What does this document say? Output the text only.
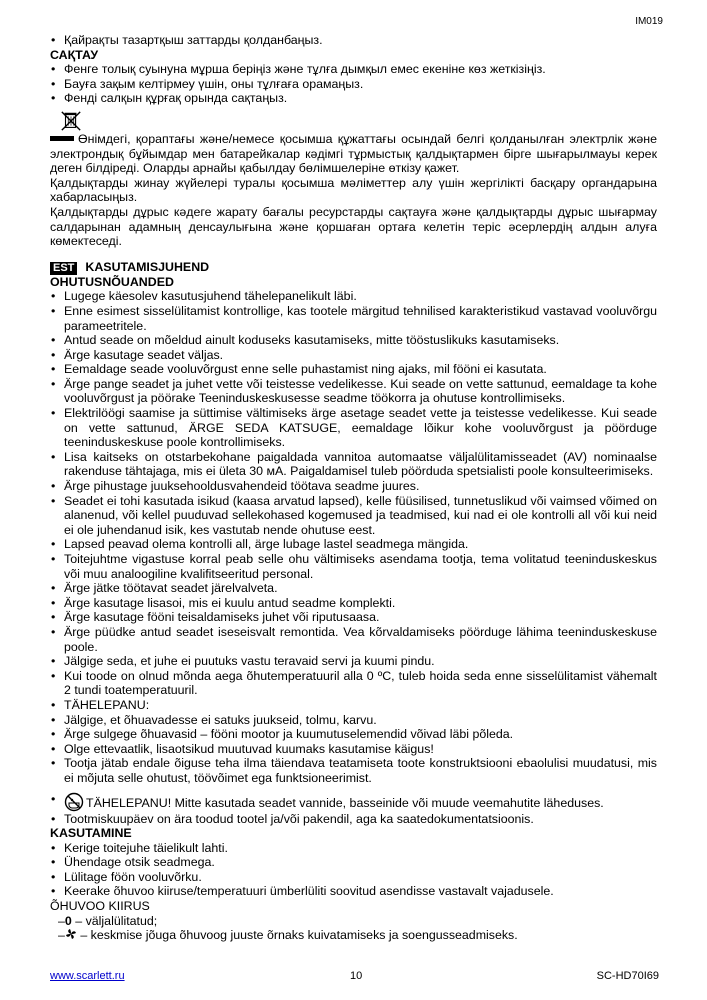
IM019

• Қайрақты тазартқыш заттарды қолданбаңыз.

САҚТАУ

• Фенге толық суынуна мұрша беріңіз және тұлға дымқыл емес екеніне көз жеткізіңіз.

• Бауға зақым келтірмеу үшін, оны тұлғаға орамаңыз.

• Фенді салқын құрғақ орында сақтаңыз.

Өнімдегі, қорaптағы және/немесе қосымша құжаттағы осындай белгі қолданылған электрлік және электрондық бұйымдар мен батарейкалар кәдімгі тұрмыстық қалдықтармен бірге шығарылмауы керек деген білдіреді. Оларды арнайы қабылдау бөлімшелеріне өткізу қажет.

Қалдықтарды жинау жүйелері туралы қосымша мәліметтер алу үшін жергілікті басқару органдарына хабарласыңыз.

Қалдықтарды дұрыс кәдеге жарату бағалы ресурстарды сақтауға және қалдықтарды дұрыс шығармау салдарынан адамның денсаулығына және қоршаған ортаға келетін теріс әсерлердің алдын алуға көмектеседі.

EST KASUTAMISJUHEND

OHUTUSNÕUANDED

• Lugege käesolev kasutusjuhend tähelepanelikult läbi.

• Enne esimest sisselülitamist kontrollige, kas tootele märgitud tehnilised karakteristikud vastavad vooluvõrgu parameetritele.

• Antud seade on mõeldud ainult koduseks kasutamiseks, mitte tööstuslikuks kasutamiseks.

• Ärge kasutage seadet väljas.

• Eemaldage seade vooluvõrgust enne selle puhastamist ning ajaks, mil fööni ei kasutata.

• Ärge pange seadet ja juhet vette või teistesse vedelikesse. Kui seade on vette sattunud, eemaldage ta kohe vooluvõrgust ja pöörake Teeninduskeskusesse seadme töökorra ja ohutuse kontrollimiseks.

• Elektrilöögi saamise ja süttimise vältimiseks ärge asetage seadet vette ja teistesse vedelikesse. Kui seade on vette sattunud, ÄRGE SEDA KATSUGE, eemaldage lõikur kohe vooluvõrgust ja pöörduge teeninduskeskuse poole kontrollimiseks.

• Lisa kaitseks on otstarbekohane paigaldada vannitoa automaatse väljalülitamisseadet (AV) nominaalse rakenduse tähtajaga, mis ei ületa 30 мА. Paigaldamisel tuleb pöörduda spetsialisti poole konsulteerimiseks.

• Ärge pihustage juuksehooldusvahendeid töötava seadme juures.

• Seadet ei tohi kasutada isikud (kaasa arvatud lapsed), kelle füüsilised, tunnetuslikud või vaimsed võimed on alanenud, või kellel puuduvad sellekohased kogemused ja teadmised, kui nad ei ole kontrolli all või kui neid ei ole juhendanud isik, kes vastutab nende ohutuse eest.

• Lapsed peavad olema kontrolli all, ärge lubage lastel seadmega mängida.

• Toitejuhtme vigastuse korral peab selle ohu vältimiseks asendama tootja, tema volitatud teeninduskeskus või muu analoogiline kvalifitseeritud personal.

• Ärge jätke töötavat seadet järelvalveta.

• Ärge kasutage lisasoi, mis ei kuulu antud seadme komplekti.

• Ärge kasutage fööni teisaldamiseks juhet või riputusaasa.

• Ärge püüdke antud seadet iseseisvalt remontida. Vea kõrvaldamiseks pöörduge lähima teeninduskeskuse poole.

• Jälgige seda, et juhe ei puutuks vastu teravaid servi ja kuumi pindu.

• Kui toode on olnud mõnda aega õhutemperatuuril alla 0 ºC, tuleb hoida seda enne sisselülitamist vähemalt 2 tundi toatemperatuuril.

• TÄHELEPANU:

• Jälgige, et õhuavadesse ei satuks juukseid, tolmu, karvu.

• Ärge sulgege õhuavasid – fööni mootor ja kuumutuselemendid võivad läbi põleda.

• Olge ettevaatlik, lisaotsikud muutuvad kuumaks kasutamise käigus!

• Tootja jätab endale õiguse teha ilma täiendava teatamiseta toote konstruktsiooni ebaolulisi muudatusi, mis ei mõjuta selle ohutust, töövõimet ega funktsioneerimist.

• TÄHELEPANU! Mitte kasutada seadet vannide, basseinide või muude veemahutite läheduses.

• Tootmiskuupäev on ära toodud tootel ja/või pakendil, aga ka saatedokumentatsioonis.

KASUTAMINE

• Kerige toitejuhe täielikult lahti.

• Ühendage otsik seadmega.

• Lülitage föön vooluvõrku.

• Keerake õhuvoo kiiruse/temperatuuri ümberlüliti soovitud asendisse vastavalt vajadusele.

ÕHUVOO KIIRUS

–0 – väljalülitatud;

– – keskmise jõuga õhuvoog juuste õrnaks kuivatamiseks ja soengusseadmiseks.

www.scarlett.ru	10	SC-HD70I69
